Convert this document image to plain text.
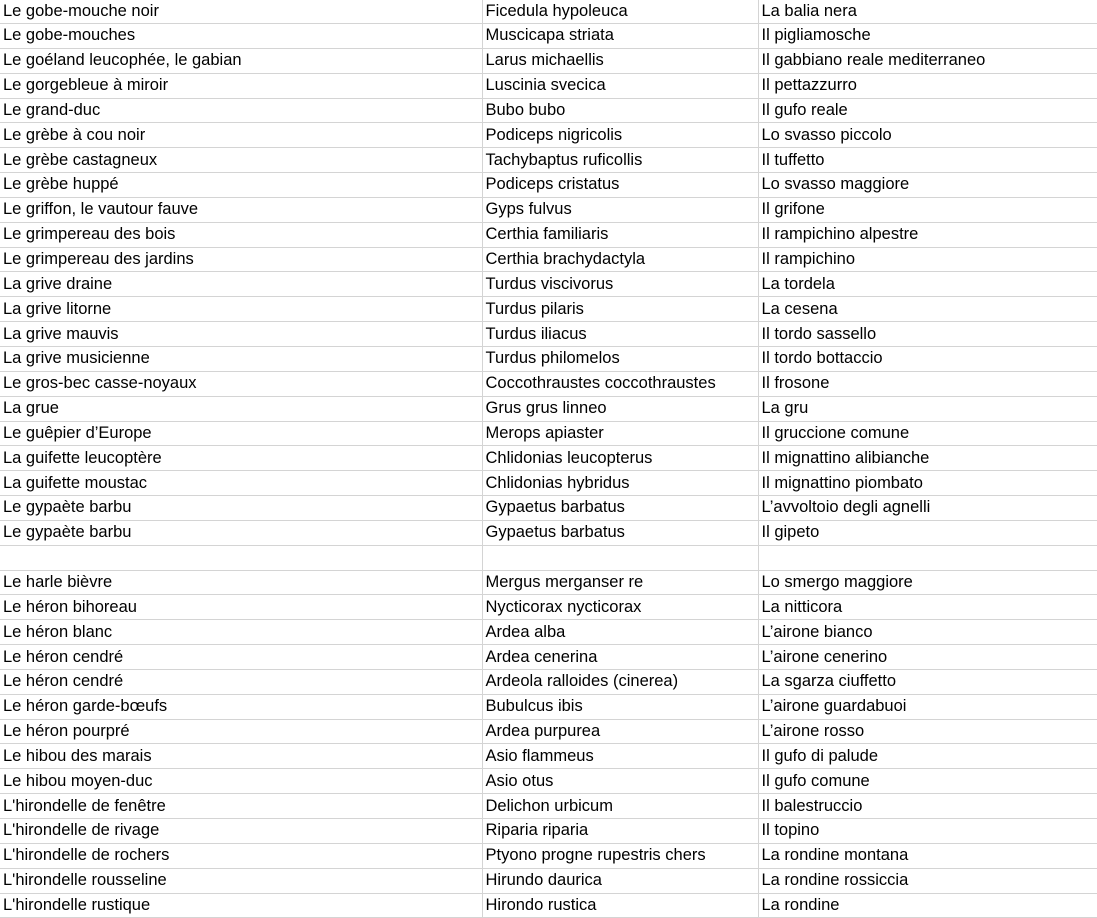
Le gobe-mouche noir	Ficedula hypoleuca	La balia nera
Le gobe-mouches	Muscicapa striata	Il pigliamosche
Le goéland leucophée, le gabian	Larus michaellis	Il gabbiano reale mediterraneo
Le gorgebleue à miroir	Luscinia svecica	Il pettazzurro
Le grand-duc	Bubo bubo	Il gufo reale
Le grèbe à cou noir	Podiceps nigricolis	Lo svasso piccolo
Le grèbe castagneux	Tachybaptus ruficollis	Il tuffetto
Le grèbe huppé	Podiceps cristatus	Lo svasso maggiore
Le griffon, le vautour fauve	Gyps fulvus	Il grifone
Le grimpereau des bois	Certhia familiaris	Il rampichino alpestre
Le grimpereau des jardins	Certhia brachydactyla	Il rampichino
La grive draine	Turdus viscivorus	La tordela
La grive litorne	Turdus pilaris	La cesena
La grive mauvis	Turdus iliacus	Il tordo sassello
La grive musicienne	Turdus philomelos	Il tordo bottaccio
Le gros-bec casse-noyaux	Coccothraustes coccothraustes	Il frosone
La grue	Grus grus linneo	La gru
Le guêpier d’Europe	Merops apiaster	Il gruccione comune
La guifette leucoptère	Chlidonias leucopterus	Il mignattino alibianche
La guifette moustac	Chlidonias hybridus	Il mignattino piombato
Le gypaète barbu	Gypaetus barbatus	L’avvoltoio degli agnelli
Le gypaète barbu	Gypaetus barbatus	Il gipeto

Le harle bièvre	Mergus merganser re	Lo smergo maggiore
Le héron bihoreau	Nycticorax nycticorax	La nitticora
Le héron blanc	Ardea alba	L’airone bianco
Le héron cendré	Ardea cenerina	L’airone cenerino
Le héron cendré	Ardeola ralloides (cinerea)	La sgarza ciuffetto
Le héron garde-bœufs	Bubulcus ibis	L’airone guardabuoi
Le héron pourpré	Ardea purpurea	L’airone rosso
Le hibou des marais	Asio flammeus	Il gufo di palude
Le hibou moyen-duc	Asio otus	Il gufo comune
L'hirondelle de fenêtre	Delichon urbicum	Il balestruccio
L'hirondelle de rivage	Riparia riparia	Il topino
L'hirondelle de rochers	Ptyono progne rupestris chers	La rondine montana
L'hirondelle rousseline	Hirundo daurica	La rondine rossiccia
L'hirondelle rustique	Hirondo rustica	La rondine
